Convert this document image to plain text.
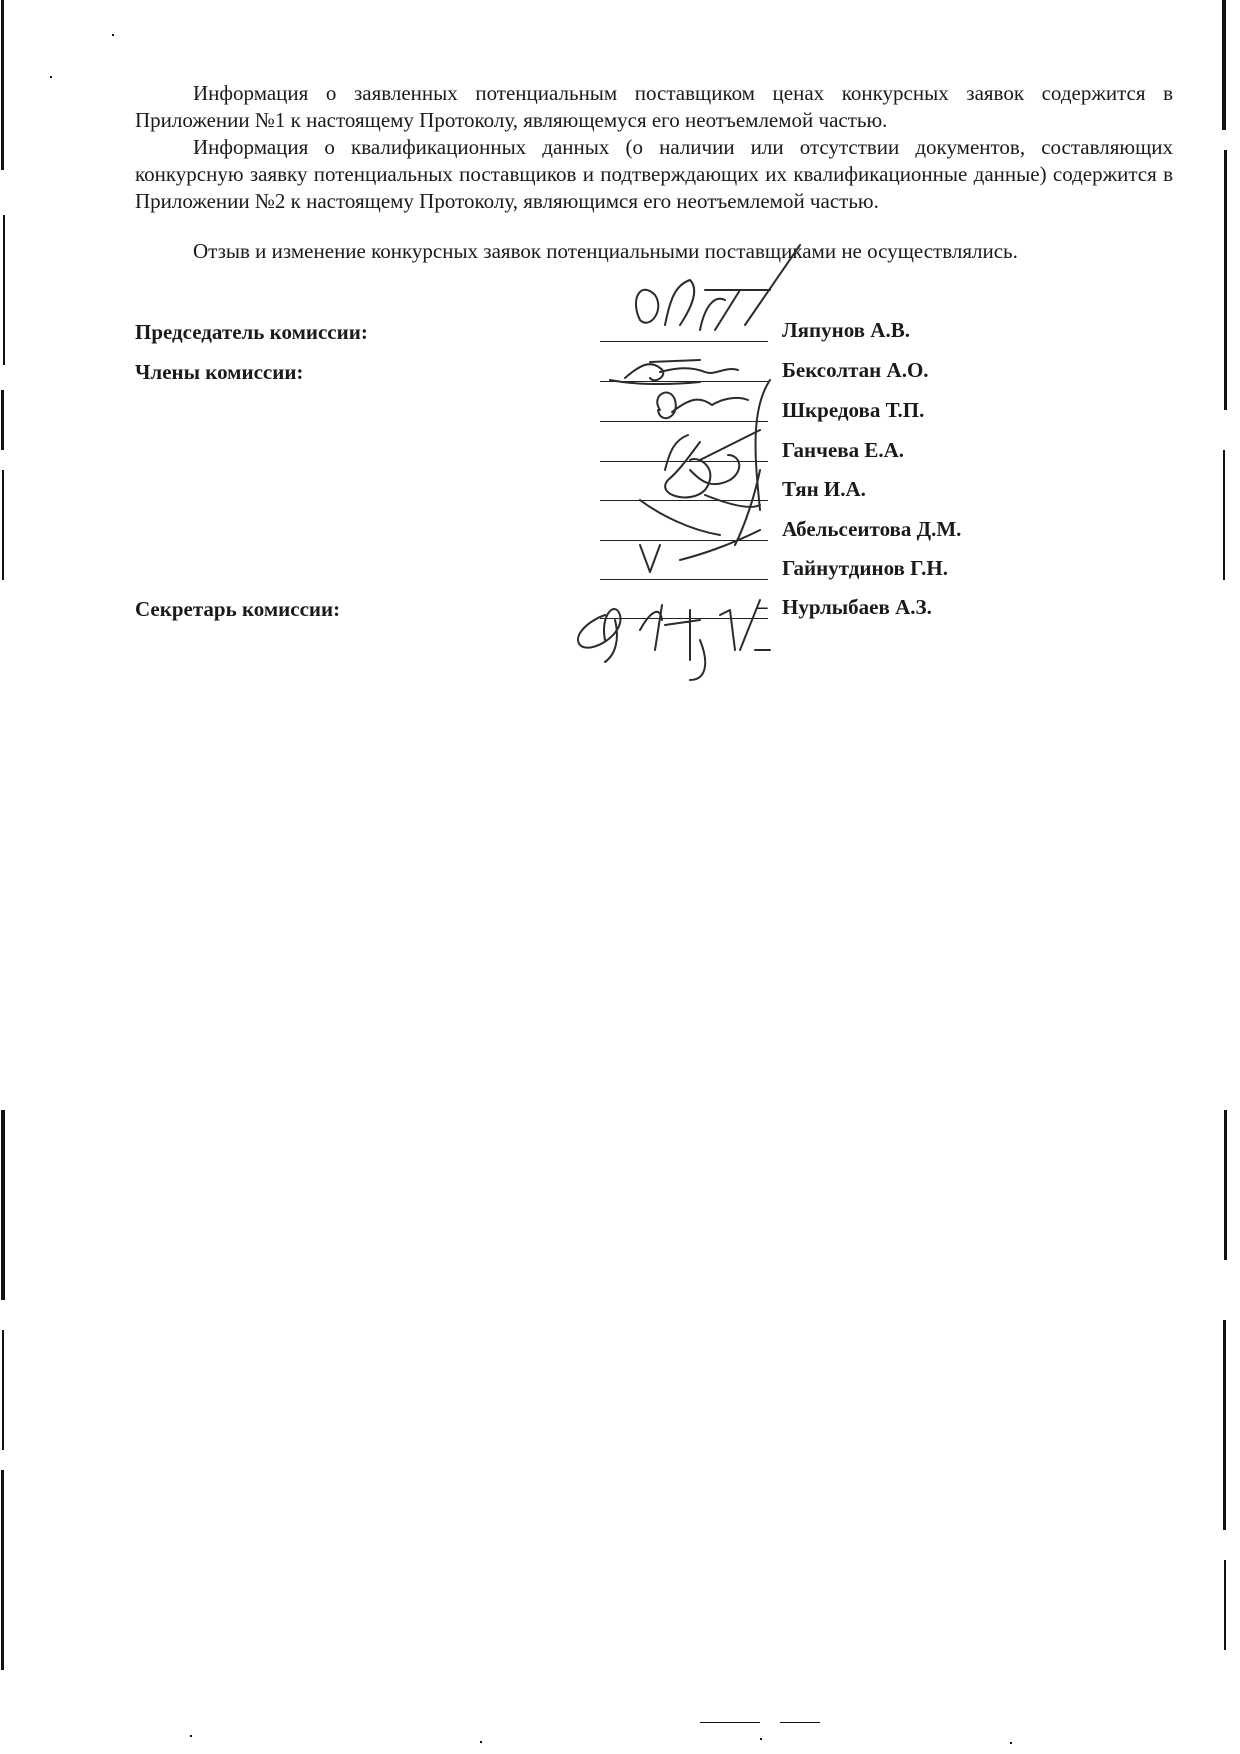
Информация о заявленных потенциальным поставщиком ценах конкурсных заявок содержится в Приложении №1 к настоящему Протоколу, являющемуся его неотъемлемой частью.

Информация о квалификационных данных (о наличии или отсутствии документов, составляющих конкурсную заявку потенциальных поставщиков и подтверждающих их квалификационные данные) содержится в Приложении №2 к настоящему Протоколу, являющимся его неотъемлемой частью.

Отзыв и изменение конкурсных заявок потенциальными поставщиками не осуществлялись.

Председатель комиссии:
Члены комиссии:
Секретарь комиссии:
Ляпунов А.В.
Бексолтан А.О.
Шкредова Т.П.
Ганчева Е.А.
Тян И.А.
Абельсеитова Д.М.
Гайнутдинов Г.Н.
Нурлыбаев А.З.
–
